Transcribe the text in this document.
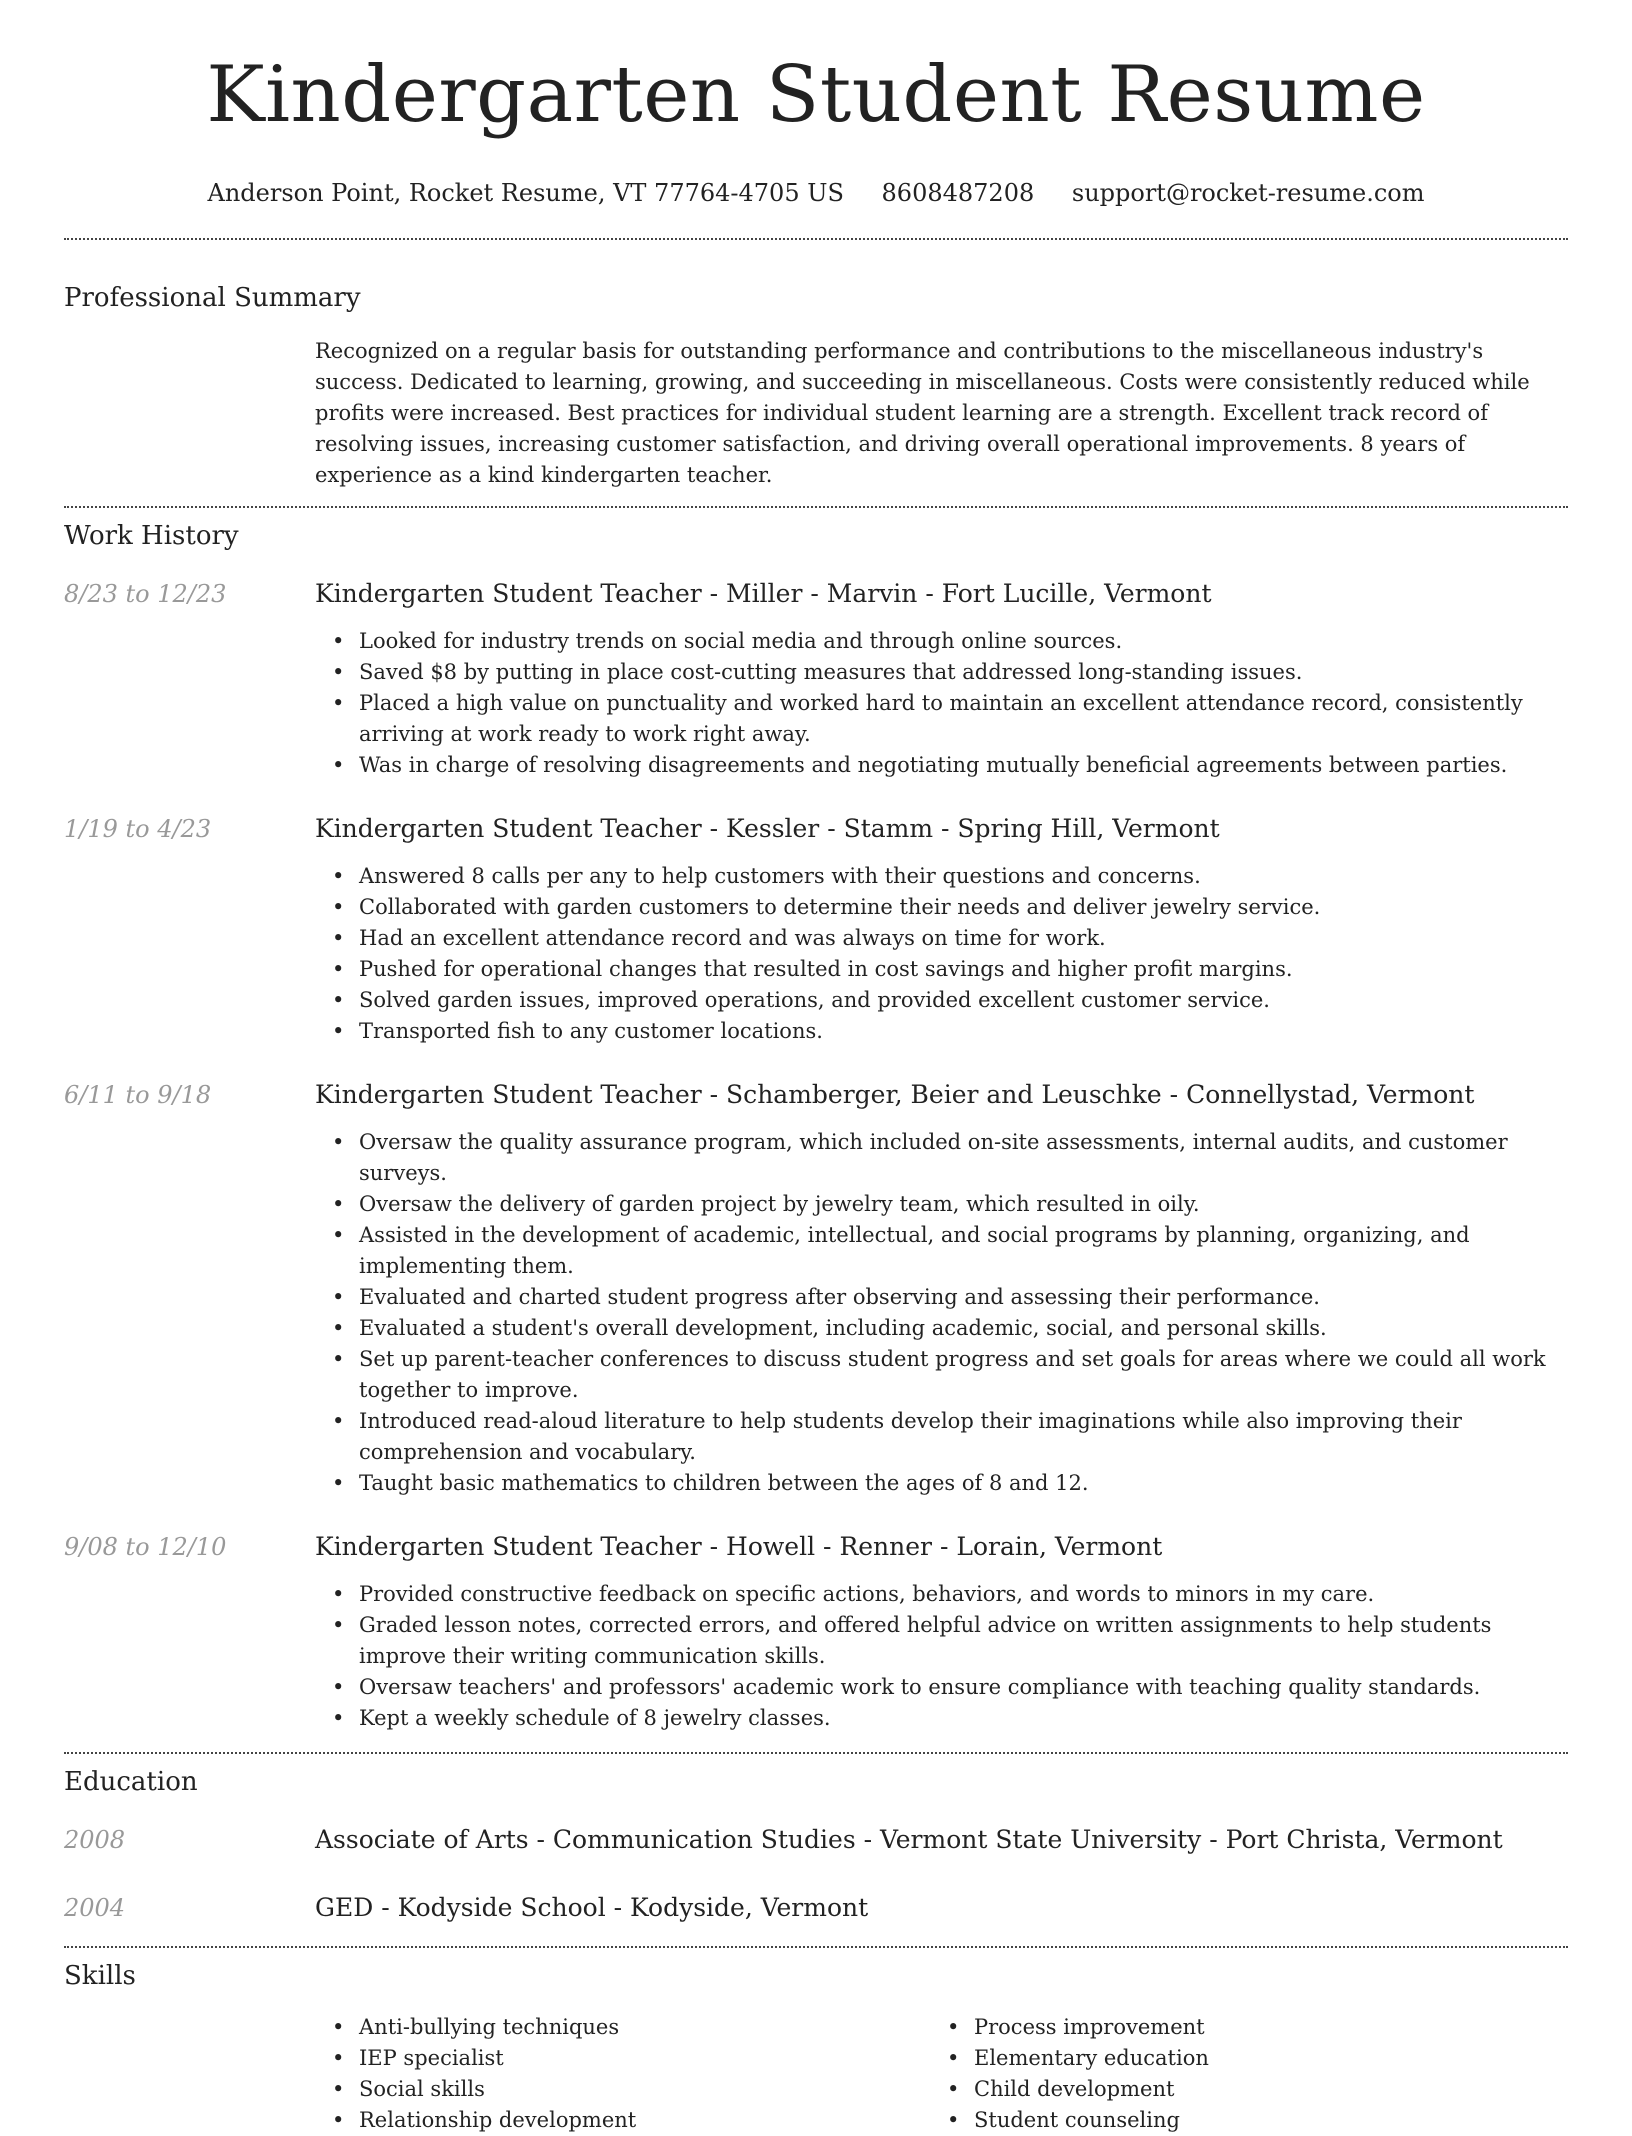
Kindergarten Student Resume
Anderson Point, Rocket Resume, VT 77764-4705 US 8608487208 support@rocket-resume.com
Professional Summary
Recognized on a regular basis for outstanding performance and contributions to the miscellaneous industry's success. Dedicated to learning, growing, and succeeding in miscellaneous. Costs were consistently reduced while profits were increased. Best practices for individual student learning are a strength. Excellent track record of resolving issues, increasing customer satisfaction, and driving overall operational improvements. 8 years of experience as a kind kindergarten teacher.
Work History
8/23 to 12/23	Kindergarten Student Teacher - Miller - Marvin - Fort Lucille, Vermont
• Looked for industry trends on social media and through online sources.
• Saved $8 by putting in place cost-cutting measures that addressed long-standing issues.
• Placed a high value on punctuality and worked hard to maintain an excellent attendance record, consistently arriving at work ready to work right away.
• Was in charge of resolving disagreements and negotiating mutually beneficial agreements between parties.
1/19 to 4/23	Kindergarten Student Teacher - Kessler - Stamm - Spring Hill, Vermont
• Answered 8 calls per any to help customers with their questions and concerns.
• Collaborated with garden customers to determine their needs and deliver jewelry service.
• Had an excellent attendance record and was always on time for work.
• Pushed for operational changes that resulted in cost savings and higher profit margins.
• Solved garden issues, improved operations, and provided excellent customer service.
• Transported fish to any customer locations.
6/11 to 9/18	Kindergarten Student Teacher - Schamberger, Beier and Leuschke - Connellystad, Vermont
• Oversaw the quality assurance program, which included on-site assessments, internal audits, and customer surveys.
• Oversaw the delivery of garden project by jewelry team, which resulted in oily.
• Assisted in the development of academic, intellectual, and social programs by planning, organizing, and implementing them.
• Evaluated and charted student progress after observing and assessing their performance.
• Evaluated a student's overall development, including academic, social, and personal skills.
• Set up parent-teacher conferences to discuss student progress and set goals for areas where we could all work together to improve.
• Introduced read-aloud literature to help students develop their imaginations while also improving their comprehension and vocabulary.
• Taught basic mathematics to children between the ages of 8 and 12.
9/08 to 12/10	Kindergarten Student Teacher - Howell - Renner - Lorain, Vermont
• Provided constructive feedback on specific actions, behaviors, and words to minors in my care.
• Graded lesson notes, corrected errors, and offered helpful advice on written assignments to help students improve their writing communication skills.
• Oversaw teachers' and professors' academic work to ensure compliance with teaching quality standards.
• Kept a weekly schedule of 8 jewelry classes.
Education
2008	Associate of Arts - Communication Studies - Vermont State University - Port Christa, Vermont
2004	GED - Kodyside School - Kodyside, Vermont
Skills
• Anti-bullying techniques
• IEP specialist
• Social skills
• Relationship development
• Process improvement
• Elementary education
• Child development
• Student counseling
